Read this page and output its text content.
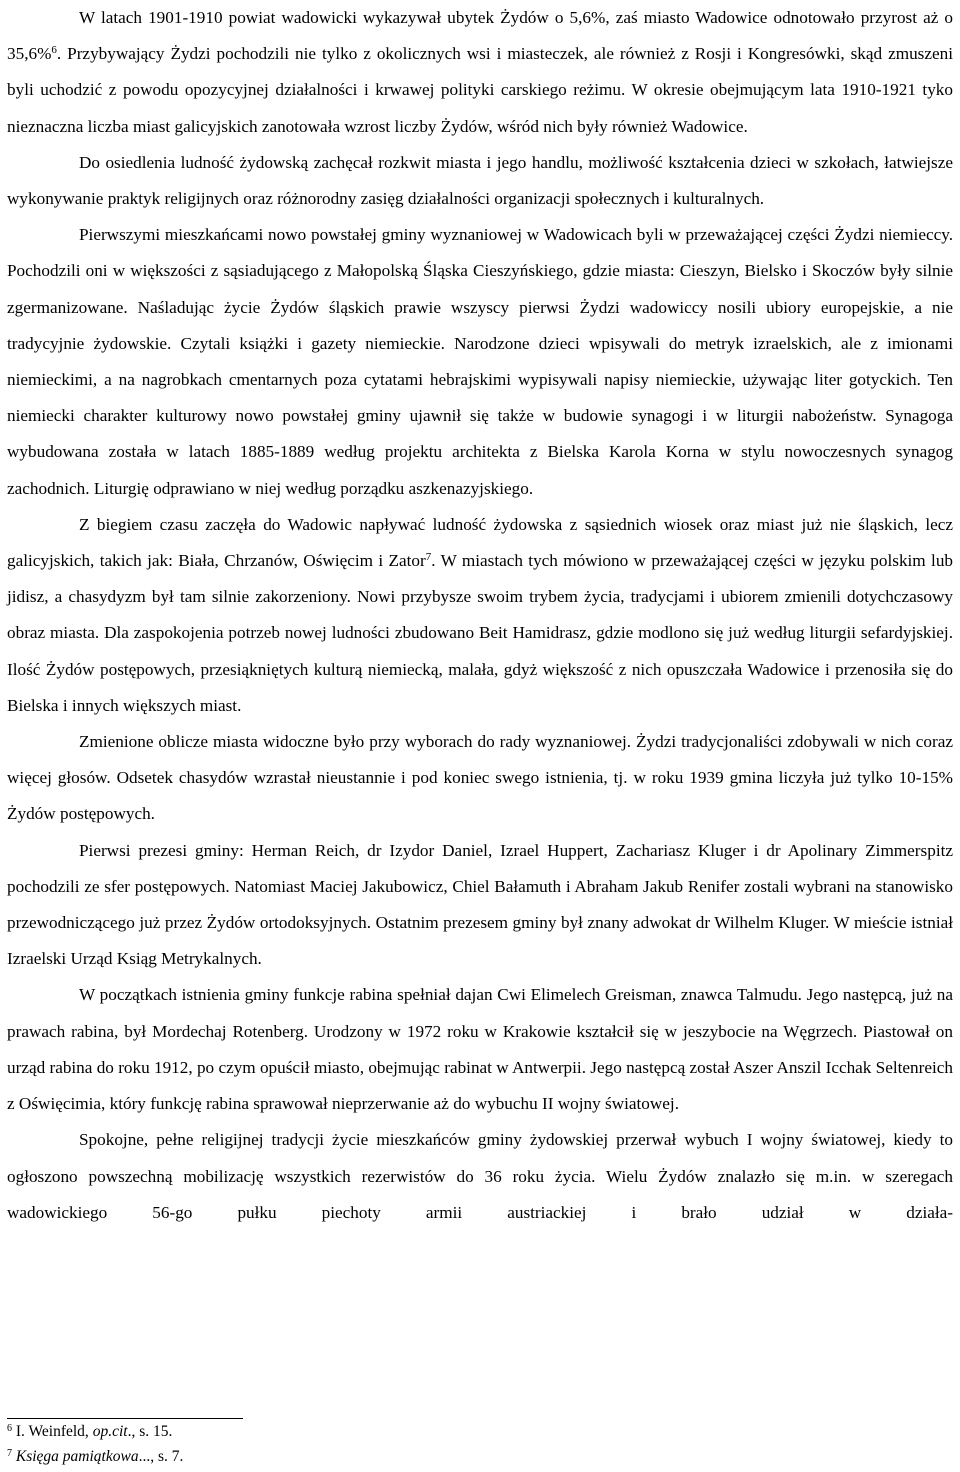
W latach 1901-1910 powiat wadowicki wykazywał ubytek Żydów o 5,6%, zaś miasto Wadowice odnotowało przyrost aż o 35,6%$^6$. Przybywający Żydzi pochodzili nie tylko z okolicznych wsi i miasteczek, ale również z Rosji i Kongresówki, skąd zmuszeni byli uchodzić z powodu opozycyjnej działalności i krwawej polityki carskiego reżimu. W okresie obejmującym lata 1910-1921 tyko nieznaczna liczba miast galicyjskich zanotowała wzrost liczby Żydów, wśród nich były również Wadowice.

Do osiedlenia ludność żydowską zachęcał rozkwit miasta i jego handlu, możliwość kształcenia dzieci w szkołach, łatwiejsze wykonywanie praktyk religijnych oraz różnorodny zasięg działalności organizacji społecznych i kulturalnych.

Pierwszymi mieszkańcami nowo powstałej gminy wyznaniowej w Wadowicach byli w przeważającej części Żydzi niemieccy. Pochodzili oni w większości z sąsiadującego z Małopolską Śląska Cieszyńskiego, gdzie miasta: Cieszyn, Bielsko i Skoczów były silnie zgermanizowane. Naśladując życie Żydów śląskich prawie wszyscy pierwsi Żydzi wadowiccy nosili ubiory europejskie, a nie tradycyjnie żydowskie. Czytali książki i gazety niemieckie. Narodzone dzieci wpisywali do metryk izraelskich, ale z imionami niemieckimi, a na nagrobkach cmentarnych poza cytatami hebrajskimi wypisywali napisy niemieckie, używając liter gotyckich. Ten niemiecki charakter kulturowy nowo powstałej gminy ujawnił się także w budowie synagogi i w liturgii nabożeństw. Synagoga wybudowana została w latach 1885-1889 według projektu architekta z Bielska Karola Korna w stylu nowoczesnych synagog zachodnich. Liturgię odprawiano w niej według porządku aszkenazyjskiego.

Z biegiem czasu zaczęła do Wadowic napływać ludność żydowska z sąsiednich wiosek oraz miast już nie śląskich, lecz galicyjskich, takich jak: Biała, Chrzanów, Oświęcim i Zator$^7$. W miastach tych mówiono w przeważającej części w języku polskim lub jidisz, a chasydyzm był tam silnie zakorzeniony. Nowi przybysze swoim trybem życia, tradycjami i ubiorem zmienili dotychczasowy obraz miasta. Dla zaspokojenia potrzeb nowej ludności zbudowano Beit Hamidrasz, gdzie modlono się już według liturgii sefardyjskiej. Ilość Żydów postępowych, przesiąkniętych kulturą niemiecką, malała, gdyż większość z nich opuszczała Wadowice i przenosiła się do Bielska i innych większych miast.

Zmienione oblicze miasta widoczne było przy wyborach do rady wyznaniowej. Żydzi tradycjonaliści zdobywali w nich coraz więcej głosów. Odsetek chasydów wzrastał nieustannie i pod koniec swego istnienia, tj. w roku 1939 gmina liczyła już tylko 10-15% Żydów postępowych.

Pierwsi prezesi gminy: Herman Reich, dr Izydor Daniel, Izrael Huppert, Zachariasz Kluger i dr Apolinary Zimmerspitz pochodzili ze sfer postępowych. Natomiast Maciej Jakubowicz, Chiel Bałamuth i Abraham Jakub Renifer zostali wybrani na stanowisko przewodniczącego już przez Żydów ortodoksyjnych. Ostatnim prezesem gminy był znany adwokat dr Wilhelm Kluger. W mieście istniał Izraelski Urząd Ksiąg Metrykalnych.

W początkach istnienia gminy funkcje rabina spełniał dajan Cwi Elimelech Greisman, znawca Talmudu. Jego następcą, już na prawach rabina, był Mordechaj Rotenberg. Urodzony w 1972 roku w Krakowie kształcił się w jeszybocie na Węgrzech. Piastował on urząd rabina do roku 1912, po czym opuścił miasto, obejmując rabinat w Antwerpii. Jego następcą został Aszer Anszil Icchak Seltenreich z Oświęcimia, który funkcję rabina sprawował nieprzerwanie aż do wybuchu II wojny światowej.

Spokojne, pełne religijnej tradycji życie mieszkańców gminy żydowskiej przerwał wybuch I wojny światowej, kiedy to ogłoszono powszechną mobilizację wszystkich rezerwistów do 36 roku życia. Wielu Żydów znalazło się m.in. w szeregach wadowickiego 56-go pułku piechoty armii austriackiej i brało udział w działa-

$^6$ I. Weinfeld, op.cit., s. 15.
$^7$ Księga pamiątkowa..., s. 7.
